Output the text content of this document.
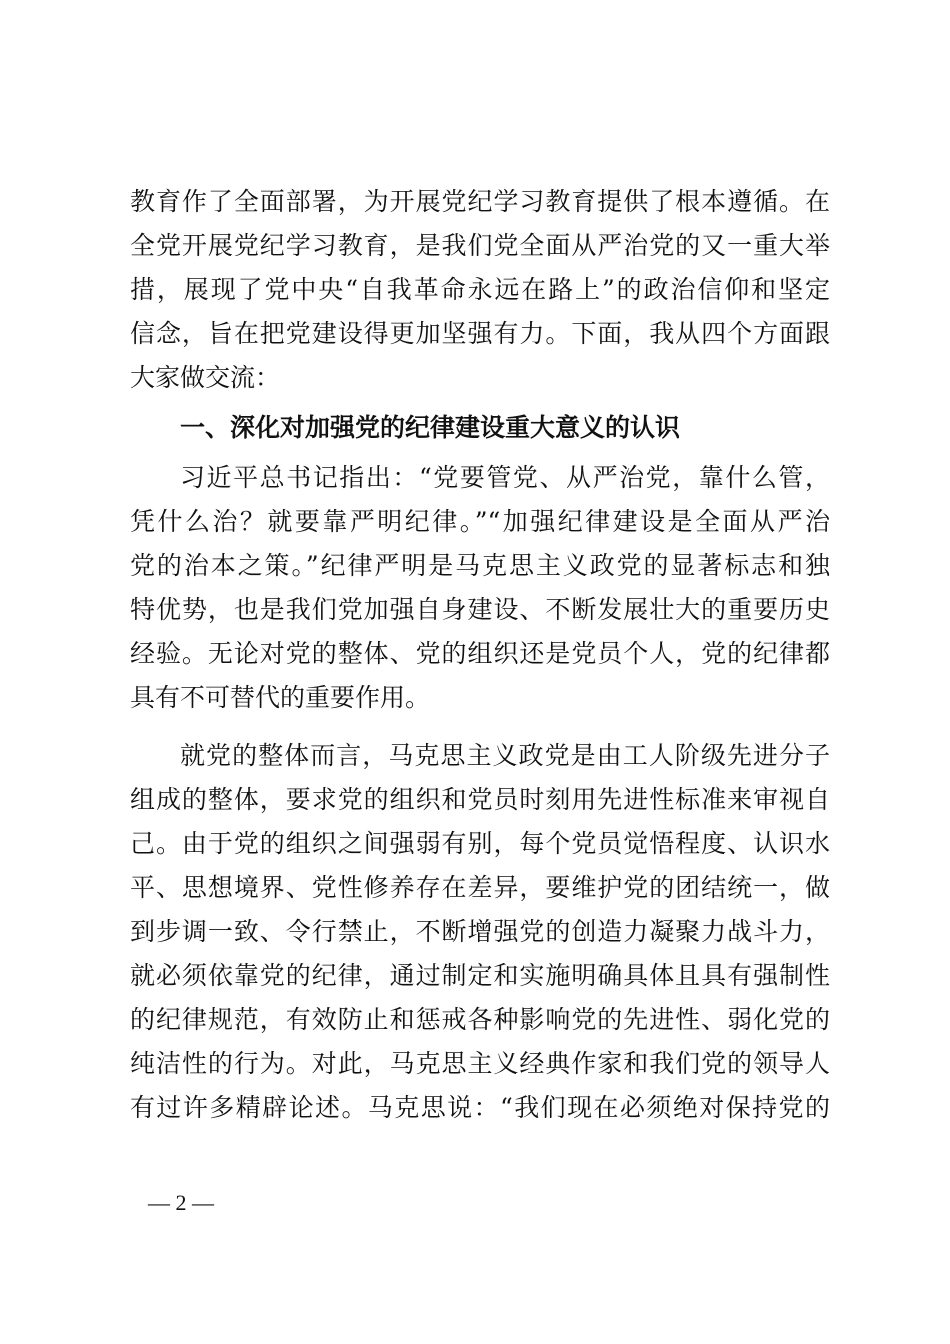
教育作了全面部署，为开展党纪学习教育提供了根本遵循。在
全党开展党纪学习教育，是我们党全面从严治党的又一重大举
措，展现了党中央“自我革命永远在路上”的政治信仰和坚定
信念，旨在把党建设得更加坚强有力。下面，我从四个方面跟
大家做交流：
一、深化对加强党的纪律建设重大意义的认识
习近平总书记指出：“党要管党、从严治党，靠什么管，
凭什么治？就要靠严明纪律。”“加强纪律建设是全面从严治
党的治本之策。”纪律严明是马克思主义政党的显著标志和独
特优势，也是我们党加强自身建设、不断发展壮大的重要历史
经验。无论对党的整体、党的组织还是党员个人，党的纪律都
具有不可替代的重要作用。
就党的整体而言，马克思主义政党是由工人阶级先进分子
组成的整体，要求党的组织和党员时刻用先进性标准来审视自
己。由于党的组织之间强弱有别，每个党员觉悟程度、认识水
平、思想境界、党性修养存在差异，要维护党的团结统一，做
到步调一致、令行禁止，不断增强党的创造力凝聚力战斗力，
就必须依靠党的纪律，通过制定和实施明确具体且具有强制性
的纪律规范，有效防止和惩戒各种影响党的先进性、弱化党的
纯洁性的行为。对此，马克思主义经典作家和我们党的领导人
有过许多精辟论述。马克思说：“我们现在必须绝对保持党的
— 2 —
